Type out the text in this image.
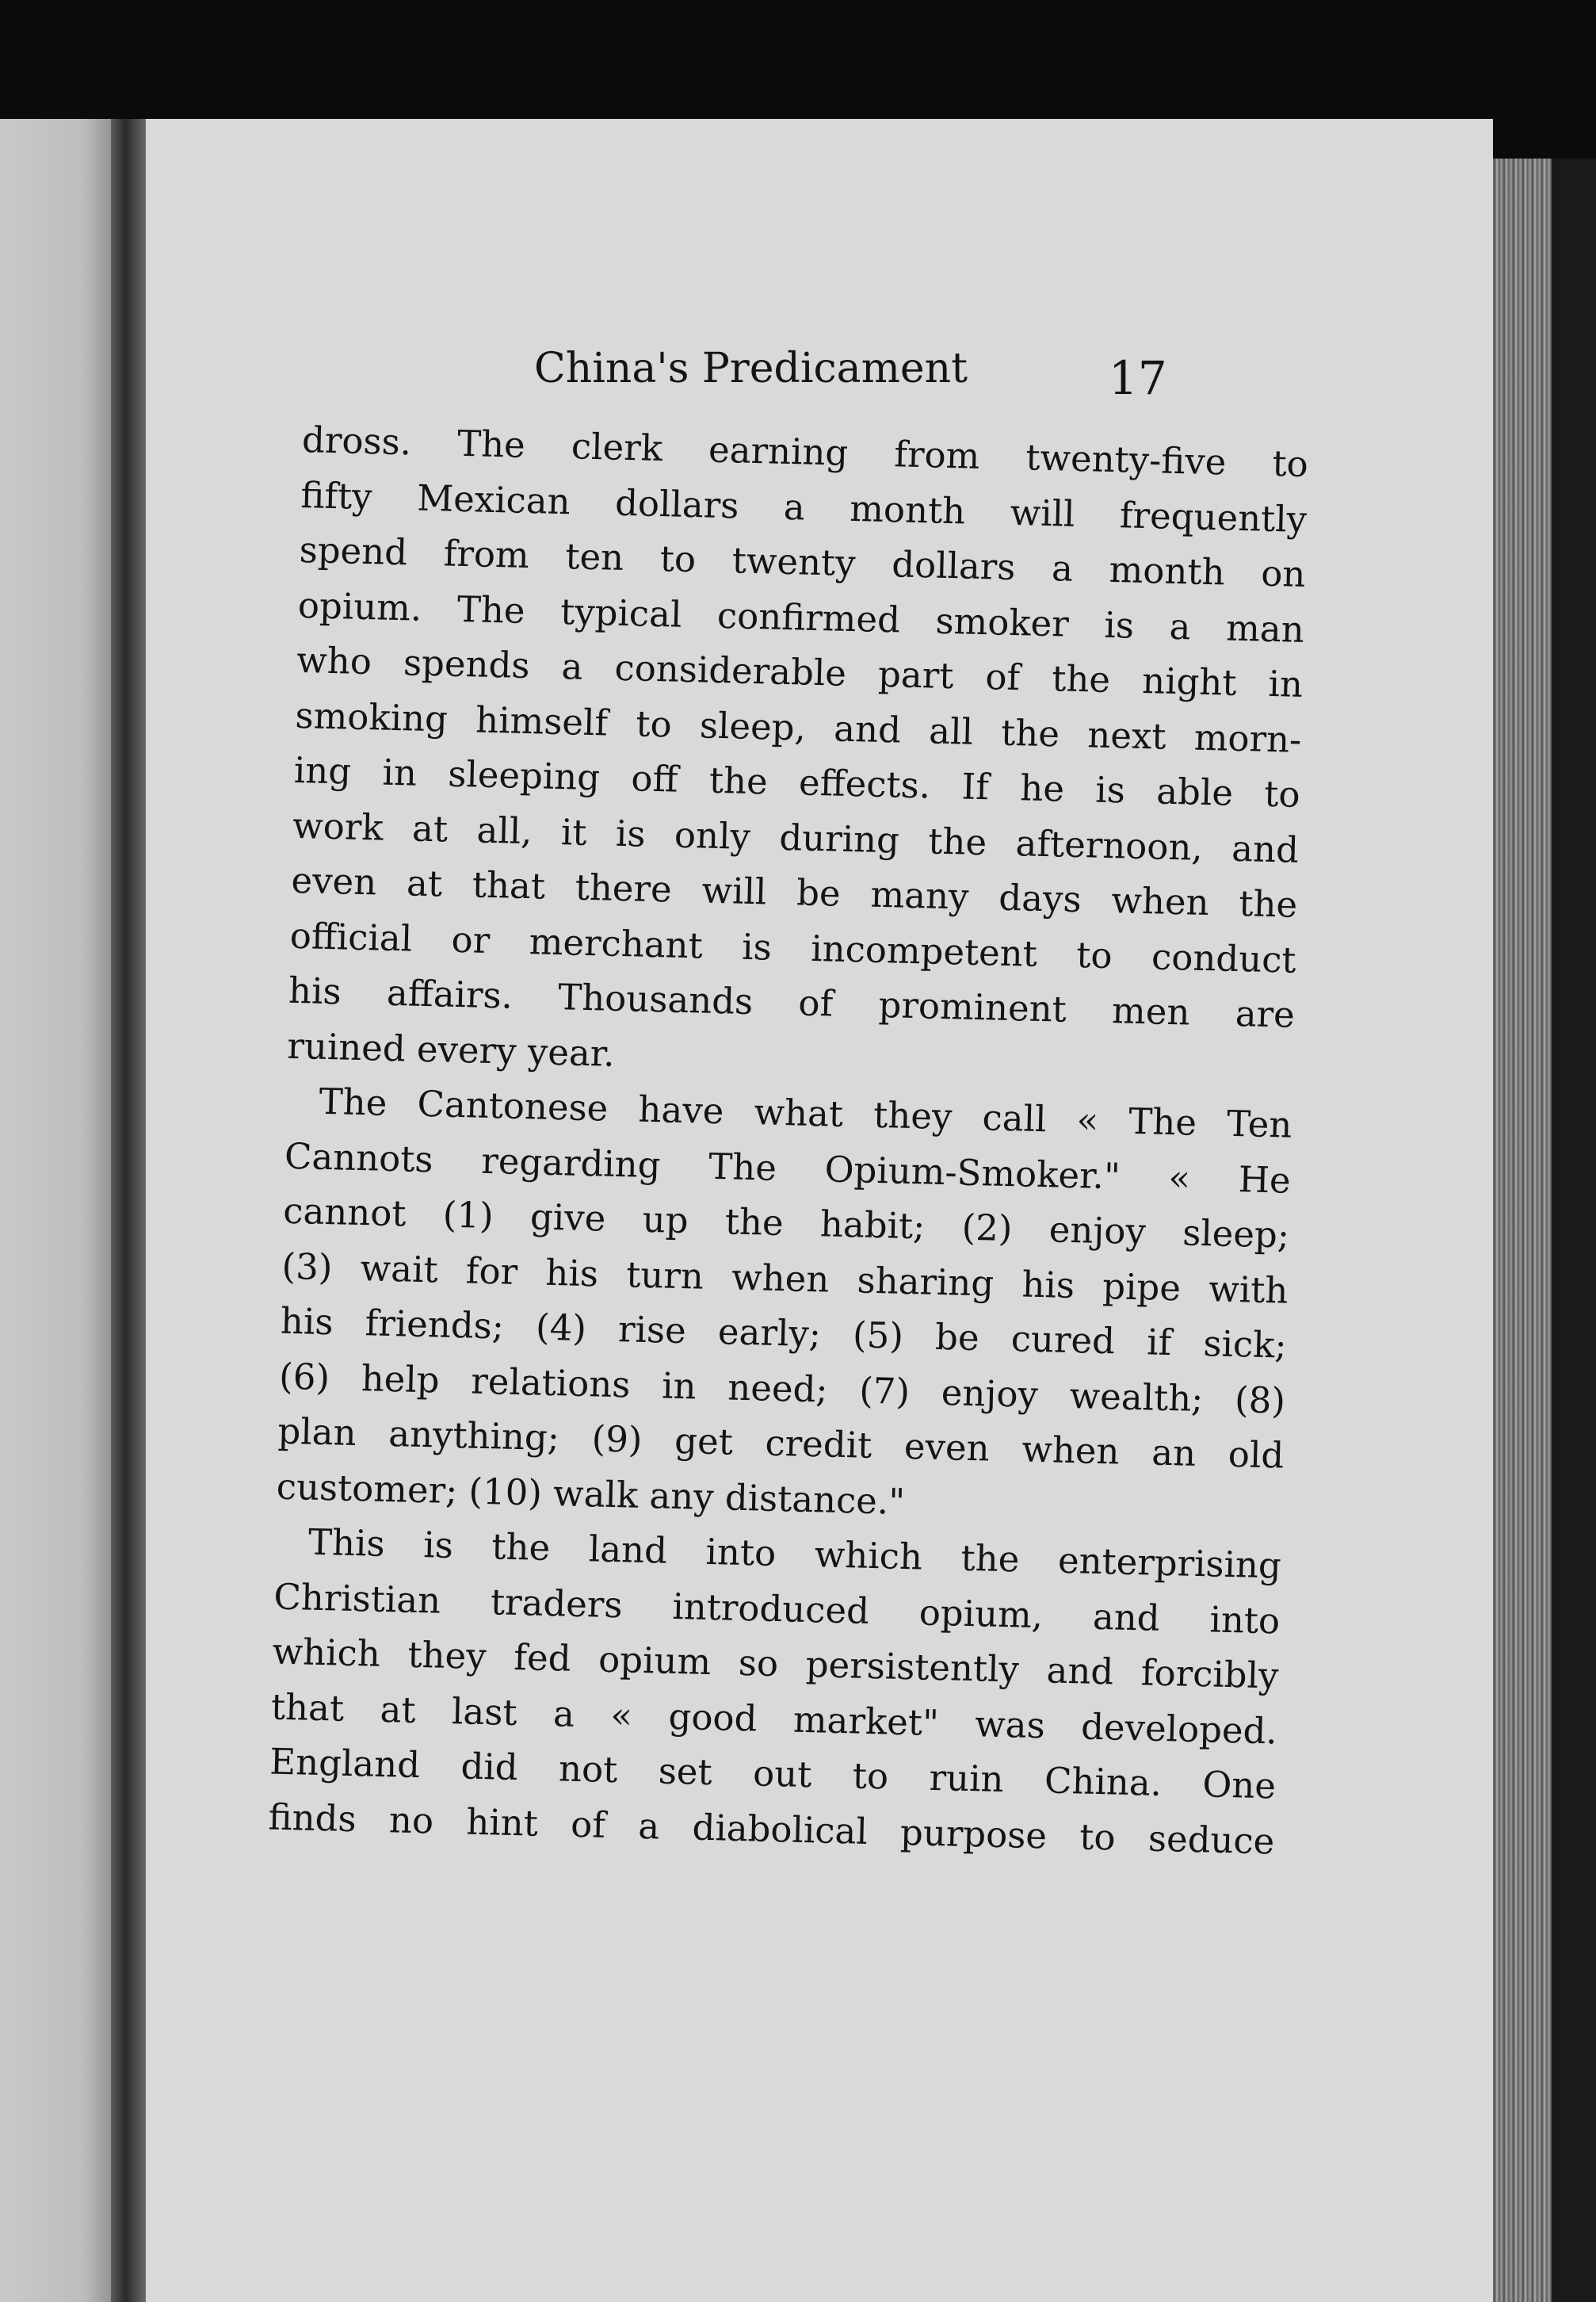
China's Predicament	17
dross. The clerk earning from twenty-five to
fifty Mexican dollars a month will frequently
spend from ten to twenty dollars a month on
opium. The typical confirmed smoker is a man
who spends a considerable part of the night in
smoking himself to sleep, and all the next morn-
ing in sleeping off the effects. If he is able to
work at all, it is only during the afternoon, and
even at that there will be many days when the
official or merchant is incompetent to conduct
his affairs. Thousands of prominent men are
ruined every year.
The Cantonese have what they call « The Ten
Cannots regarding The Opium-Smoker." « He
cannot (1) give up the habit; (2) enjoy sleep;
(3) wait for his turn when sharing his pipe with
his friends; (4) rise early; (5) be cured if sick;
(6) help relations in need; (7) enjoy wealth; (8)
plan anything; (9) get credit even when an old
customer; (10) walk any distance."
This is the land into which the enterprising
Christian traders introduced opium, and into
which they fed opium so persistently and forcibly
that at last a « good market" was developed.
England did not set out to ruin China. One
finds no hint of a diabolical purpose to seduce
